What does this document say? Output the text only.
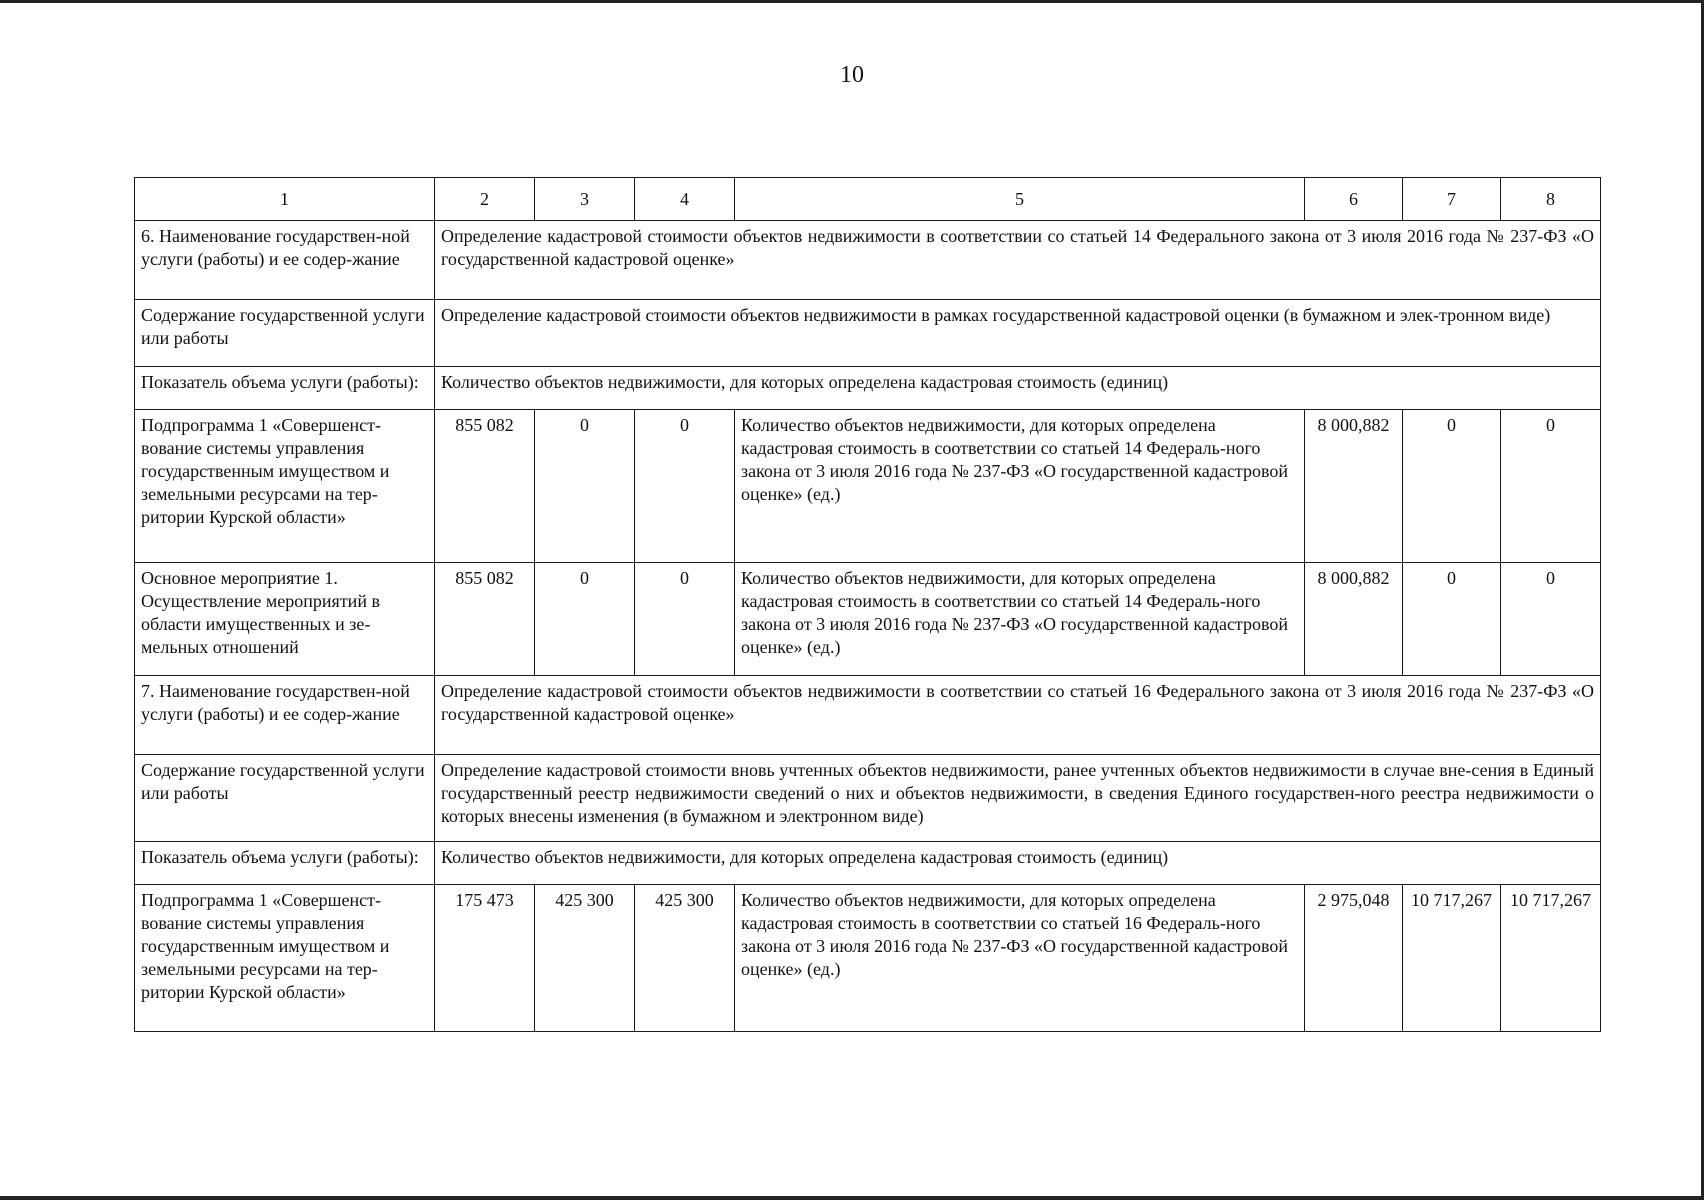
10
1	2	3	4	5	6	7	8
6. Наименование государствен-ной услуги (работы) и ее содер-жание	Определение кадастровой стоимости объектов недвижимости в соответствии со статьей 14 Федерального закона от 3 июля 2016 года № 237-ФЗ «О государственной кадастровой оценке»						
Содержание государственной услуги или работы	Определение кадастровой стоимости объектов недвижимости в рамках государственной кадастровой оценки (в бумажном и элек-тронном виде)						
Показатель объема услуги (работы):	Количество объектов недвижимости, для которых определена кадастровая стоимость (единиц)						
Подпрограмма 1 «Совершенст-вование системы управления государственным имуществом и земельными ресурсами на тер-ритории Курской области»	855 082	0	0	Количество объектов недвижимости, для которых определена кадастровая стоимость в соответствии со статьей 14 Федераль-ного закона от 3 июля 2016 года № 237-ФЗ «О государственной кадастровой оценке» (ед.)	8 000,882	0	0
Основное мероприятие 1. Осуществление мероприятий в области имущественных и зе-мельных отношений	855 082	0	0	Количество объектов недвижимости, для которых определена кадастровая стоимость в соответствии со статьей 14 Федераль-ного закона от 3 июля 2016 года № 237-ФЗ «О государственной кадастровой оценке» (ед.)	8 000,882	0	0
7. Наименование государствен-ной услуги (работы) и ее содер-жание	Определение кадастровой стоимости объектов недвижимости в соответствии со статьей 16 Федерального закона от 3 июля 2016 года № 237-ФЗ «О государственной кадастровой оценке»						
Содержание государственной услуги или работы	Определение кадастровой стоимости вновь учтенных объектов недвижимости, ранее учтенных объектов недвижимости в случае вне-сения в Единый государственный реестр недвижимости сведений о них и объектов недвижимости, в сведения Единого государствен-ного реестра недвижимости о которых внесены изменения (в бумажном и электронном виде)						
Показатель объема услуги (работы):	Количество объектов недвижимости, для которых определена кадастровая стоимость (единиц)						
Подпрограмма 1 «Совершенст-вование системы управления государственным имуществом и земельными ресурсами на тер-ритории Курской области»	175 473	425 300	425 300	Количество объектов недвижимости, для которых определена кадастровая стоимость в соответствии со статьей 16 Федераль-ного закона от 3 июля 2016 года № 237-ФЗ «О государственной кадастровой оценке» (ед.)	2 975,048	10 717,267	10 717,267
